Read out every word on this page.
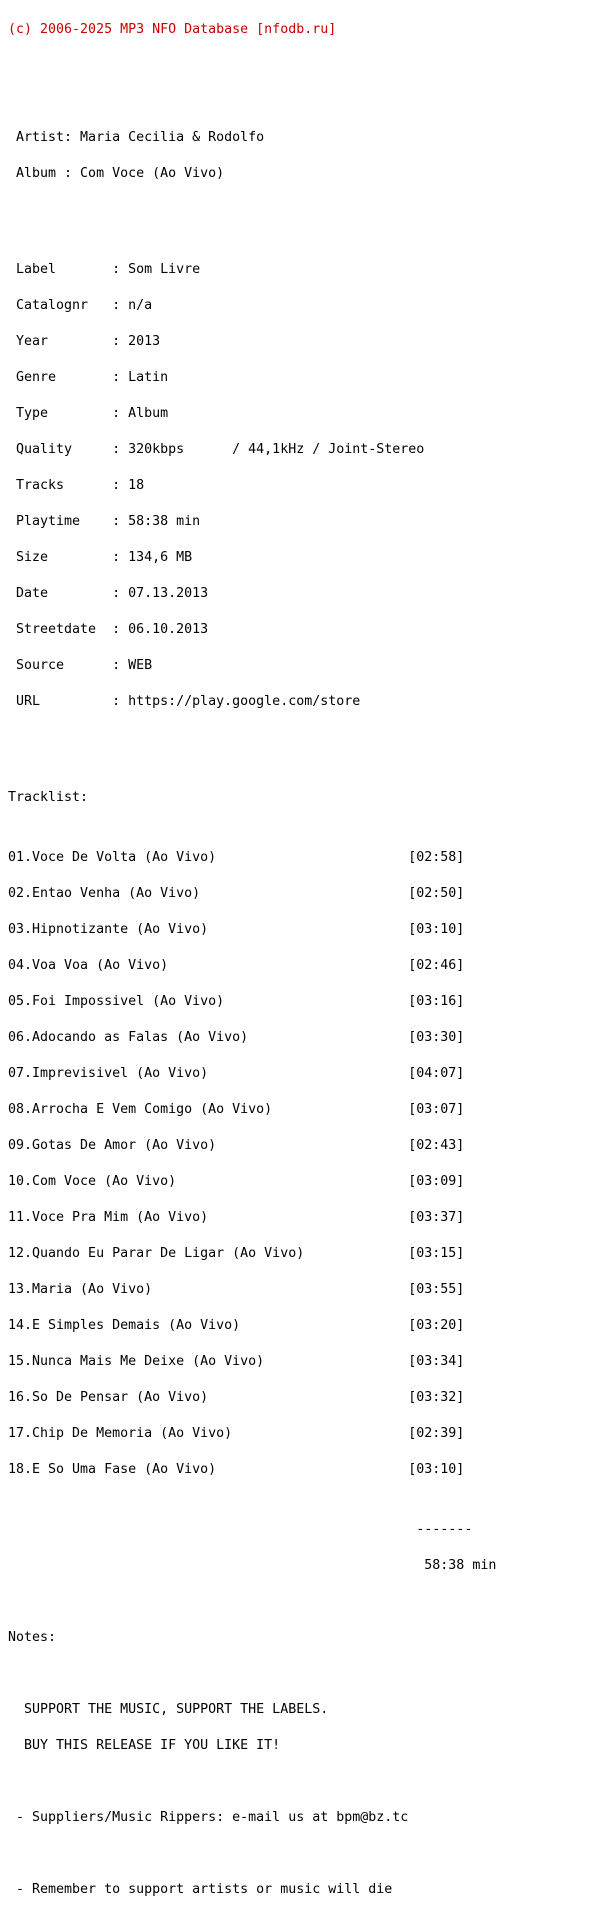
(c) 2006-2025 MP3 NFO Database [nfodb.ru]

Artist: Maria Cecilia & Rodolfo

Album : Com Voce (Ao Vivo)

Label       : Som Livre

Catalognr   : n/a

Year        : 2013

Genre       : Latin

Type        : Album

Quality     : 320kbps      / 44,1kHz / Joint-Stereo

Tracks      : 18

Playtime    : 58:38 min

Size        : 134,6 MB

Date        : 07.13.2013

Streetdate  : 06.10.2013

Source      : WEB

URL         : https://play.google.com/store

Tracklist:

01.Voce De Volta (Ao Vivo)                        [02:58]

02.Entao Venha (Ao Vivo)                          [02:50]

03.Hipnotizante (Ao Vivo)                         [03:10]

04.Voa Voa (Ao Vivo)                              [02:46]

05.Foi Impossivel (Ao Vivo)                       [03:16]

06.Adocando as Falas (Ao Vivo)                    [03:30]

07.Imprevisivel (Ao Vivo)                         [04:07]

08.Arrocha E Vem Comigo (Ao Vivo)                 [03:07]

09.Gotas De Amor (Ao Vivo)                        [02:43]

10.Com Voce (Ao Vivo)                             [03:09]

11.Voce Pra Mim (Ao Vivo)                         [03:37]

12.Quando Eu Parar De Ligar (Ao Vivo)             [03:15]

13.Maria (Ao Vivo)                                [03:55]

14.E Simples Demais (Ao Vivo)                     [03:20]

15.Nunca Mais Me Deixe (Ao Vivo)                  [03:34]

16.So De Pensar (Ao Vivo)                         [03:32]

17.Chip De Memoria (Ao Vivo)                      [02:39]

18.E So Uma Fase (Ao Vivo)                        [03:10]

-------

58:38 min

Notes:

SUPPORT THE MUSIC, SUPPORT THE LABELS.

BUY THIS RELEASE IF YOU LIKE IT!

- Suppliers/Music Rippers: e-mail us at bpm@bz.tc

- Remember to support artists or music will die
